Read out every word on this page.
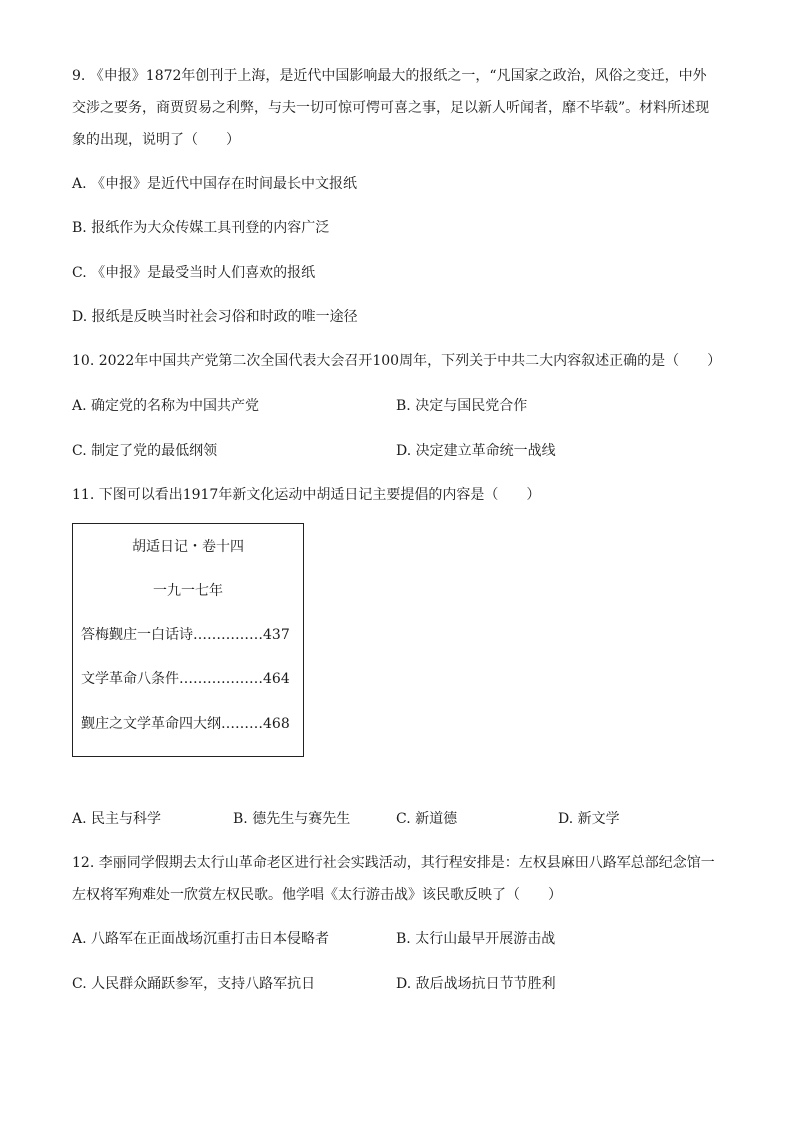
9. 《申报》1872年创刊于上海，是近代中国影响最大的报纸之一，“凡国家之政治，风俗之变迁，中外
交涉之要务，商贾贸易之利弊，与夫一切可惊可愕可喜之事，足以新人听闻者，靡不毕载”。材料所述现
象的出现，说明了（　　）
A. 《申报》是近代中国存在时间最长中文报纸
B. 报纸作为大众传媒工具刊登的内容广泛
C. 《申报》是最受当时人们喜欢的报纸
D. 报纸是反映当时社会习俗和时政的唯一途径
10. 2022年中国共产党第二次全国代表大会召开100周年，下列关于中共二大内容叙述正确的是（　　）
A. 确定党的名称为中国共产党	B. 决定与国民党合作
C. 制定了党的最低纲领	D. 决定建立革命统一战线
11. 下图可以看出1917年新文化运动中胡适日记主要提倡的内容是（　　）
胡适日记・卷十四
一九一七年
答梅觐庄一白话诗……………437
文学革命八条件………………464
觐庄之文学革命四大纲………468
A. 民主与科学	B. 德先生与赛先生	C. 新道德	D. 新文学
12. 李丽同学假期去太行山革命老区进行社会实践活动，其行程安排是：左权县麻田八路军总部纪念馆一
左权将军殉难处一欣赏左权民歌。他学唱《太行游击战》该民歌反映了（　　）
A. 八路军在正面战场沉重打击日本侵略者	B. 太行山最早开展游击战
C. 人民群众踊跃参军，支持八路军抗日	D. 敌后战场抗日节节胜利
